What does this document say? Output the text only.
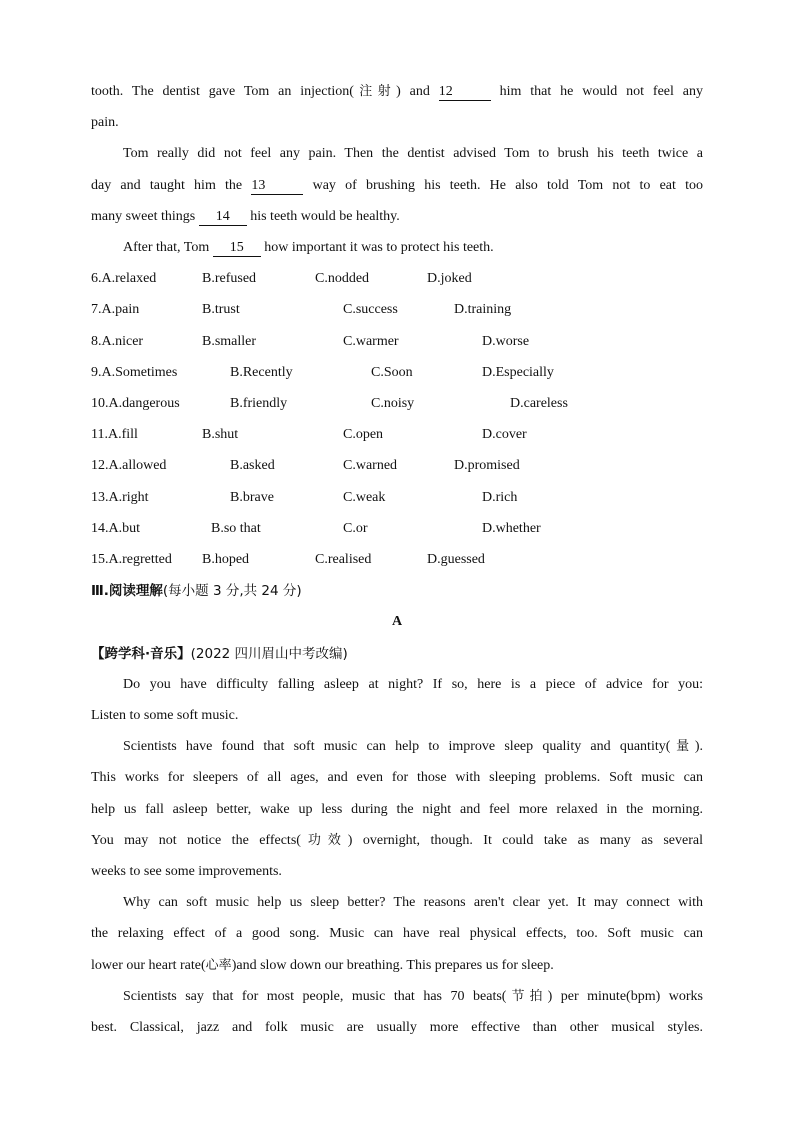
tooth. The dentist gave Tom an injection(注射) and 12	him that he would not feel any
pain.
Tom really did not feel any pain. Then the dentist advised Tom to brush his teeth twice a
day and taught him the 13	way of brushing his teeth. He also told Tom not to eat too
many sweet things 14 his teeth would be healthy.
After that, Tom 15 how important it was to protect his teeth.
6.A.relaxed	B.refused	C.nodded	D.joked
7.A.pain	B.trust	C.success	D.training
8.A.nicer	B.smaller	C.warmer	D.worse
9.A.Sometimes	B.Recently	C.Soon	D.Especially
10.A.dangerous	B.friendly	C.noisy	D.careless
11.A.fill	B.shut	C.open	D.cover
12.A.allowed	B.asked	C.warned	D.promised
13.A.right	B.brave	C.weak	D.rich
14.A.but	B.so that	C.or	D.whether
15.A.regretted B.hoped	C.realised	D.guessed
Ⅲ.阅读理解(每小题 3 分,共 24 分)
A
【跨学科·音乐】(2022 四川眉山中考改编)
Do you have difficulty falling asleep at night? If so, here is a piece of advice for you:
Listen to some soft music.
Scientists have found that soft music can help to improve sleep quality and quantity(量).
This works for sleepers of all ages, and even for those with sleeping problems. Soft music can
help us fall asleep better, wake up less during the night and feel more relaxed in the morning.
You may not notice the effects(功效) overnight, though. It could take as many as several
weeks to see some improvements.
Why can soft music help us sleep better? The reasons aren't clear yet. It may connect with
the relaxing effect of a good song. Music can have real physical effects, too. Soft music can
lower our heart rate(心率)and slow down our breathing. This prepares us for sleep.
Scientists say that for most people, music that has 70 beats(节拍) per minute(bpm) works
best. Classical, jazz and folk music are usually more effective than other musical styles.
